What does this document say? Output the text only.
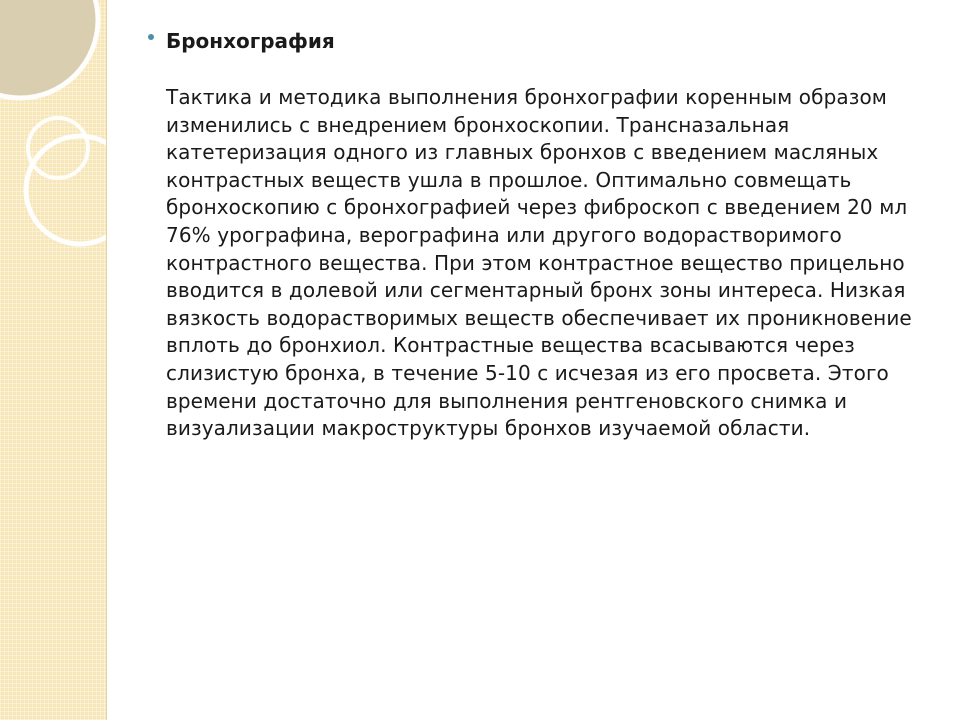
Бронхография

Тактика и методика выполнения бронхографии коренным образом изменились с внедрением бронхоскопии. Трансназальная катетеризация одного из главных бронхов с введением масляных контрастных веществ ушла в прошлое. Оптимально совмещать бронхоскопию с бронхографией через фиброскоп с введением 20 мл 76% урографина, верографина или другого водорастворимого контрастного вещества. При этом контрастное вещество прицельно вводится в долевой или сегментарный бронх зоны интереса. Низкая вязкость водорастворимых веществ обеспечивает их проникновение вплоть до бронхиол. Контрастные вещества всасываются через слизистую бронха, в течение 5-10 с исчезая из его просвета. Этого времени достаточно для выполнения рентгеновского снимка и визуализации макроструктуры бронхов изучаемой области.
